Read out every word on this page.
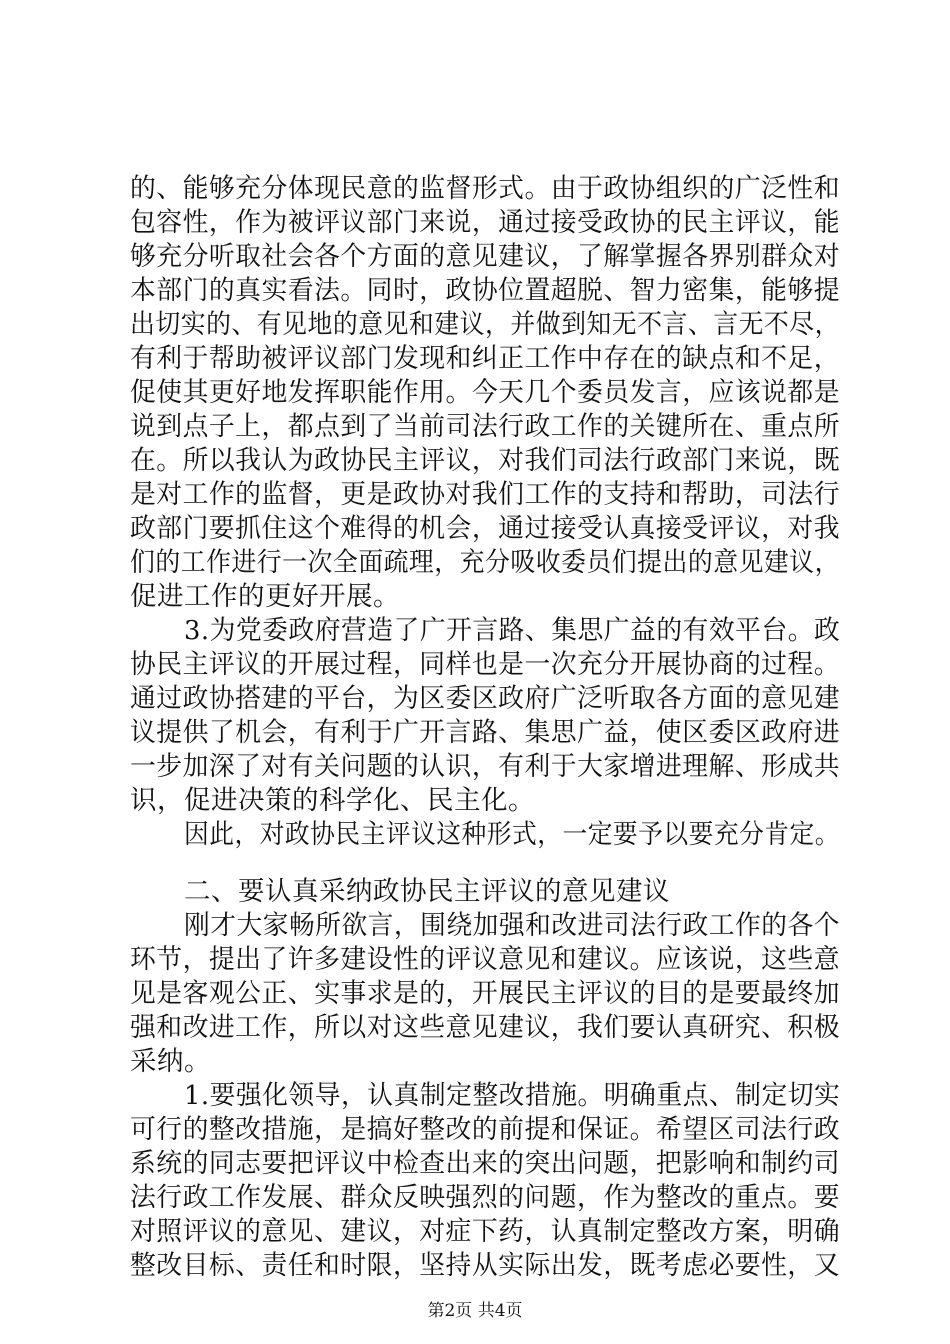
的、能够充分体现民意的监督形式。由于政协组织的广泛性和
包容性，作为被评议部门来说，通过接受政协的民主评议，能
够充分听取社会各个方面的意见建议，了解掌握各界别群众对
本部门的真实看法。同时，政协位置超脱、智力密集，能够提
出切实的、有见地的意见和建议，并做到知无不言、言无不尽，
有利于帮助被评议部门发现和纠正工作中存在的缺点和不足，
促使其更好地发挥职能作用。今天几个委员发言，应该说都是
说到点子上，都点到了当前司法行政工作的关键所在、重点所
在。所以我认为政协民主评议，对我们司法行政部门来说，既
是对工作的监督，更是政协对我们工作的支持和帮助，司法行
政部门要抓住这个难得的机会，通过接受认真接受评议，对我
们的工作进行一次全面疏理，充分吸收委员们提出的意见建议，
促进工作的更好开展。
3.为党委政府营造了广开言路、集思广益的有效平台。政
协民主评议的开展过程，同样也是一次充分开展协商的过程。
通过政协搭建的平台，为区委区政府广泛听取各方面的意见建
议提供了机会，有利于广开言路、集思广益，使区委区政府进
一步加深了对有关问题的认识，有利于大家增进理解、形成共
识，促进决策的科学化、民主化。
因此，对政协民主评议这种形式，一定要予以要充分肯定。
二、要认真采纳政协民主评议的意见建议
刚才大家畅所欲言，围绕加强和改进司法行政工作的各个
环节，提出了许多建设性的评议意见和建议。应该说，这些意
见是客观公正、实事求是的，开展民主评议的目的是要最终加
强和改进工作，所以对这些意见建议，我们要认真研究、积极
采纳。
1.要强化领导，认真制定整改措施。明确重点、制定切实
可行的整改措施，是搞好整改的前提和保证。希望区司法行政
系统的同志要把评议中检查出来的突出问题，把影响和制约司
法行政工作发展、群众反映强烈的问题，作为整改的重点。要
对照评议的意见、建议，对症下药，认真制定整改方案，明确
整改目标、责任和时限，坚持从实际出发，既考虑必要性，又
第2页 共4页
